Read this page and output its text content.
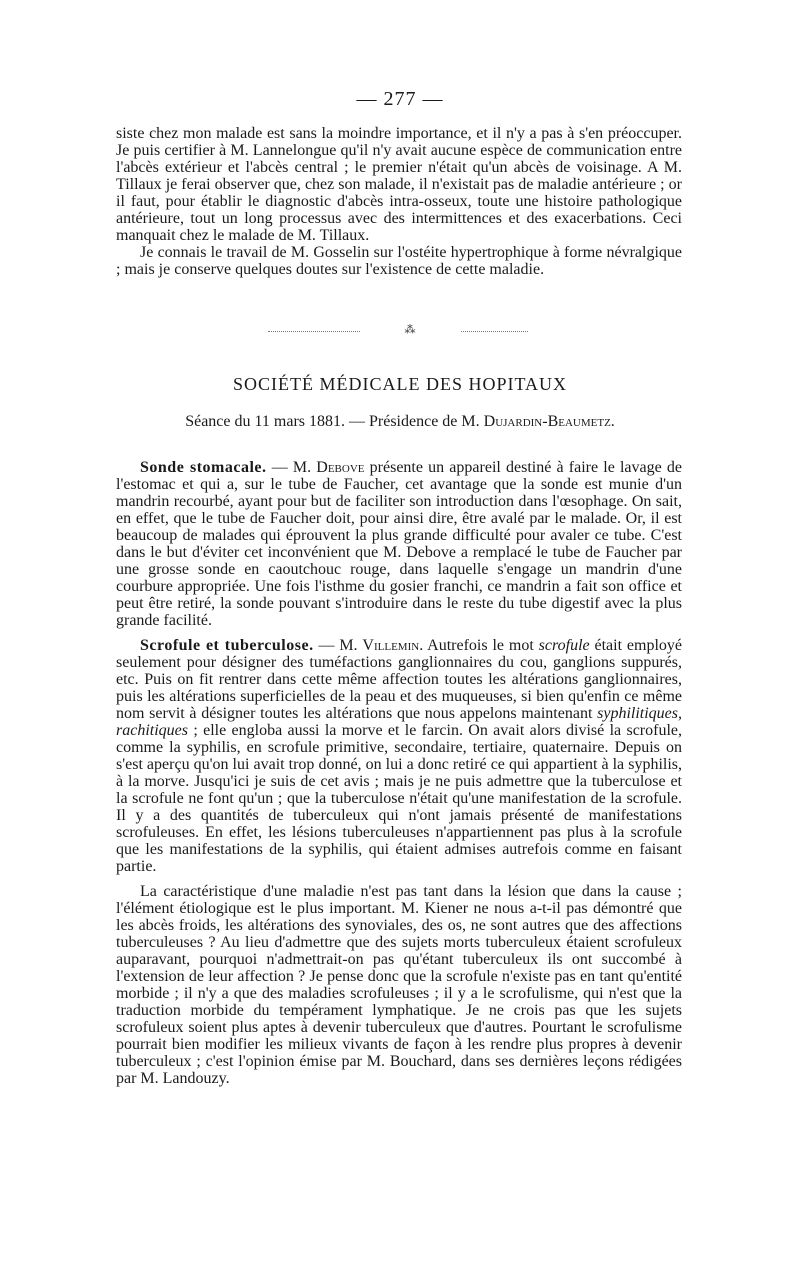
— 277 —

siste chez mon malade est sans la moindre importance, et il n'y a pas à s'en préoccuper. Je puis certifier à M. Lannelongue qu'il n'y avait aucune espèce de communication entre l'abcès extérieur et l'abcès central ; le premier n'était qu'un abcès de voisinage. A M. Tillaux je ferai observer que, chez son malade, il n'existait pas de maladie antérieure ; or il faut, pour établir le diagnostic d'abcès intra-osseux, toute une histoire pathologique antérieure, tout un long processus avec des intermittences et des exacerbations. Ceci manquait chez le malade de M. Tillaux.

Je connais le travail de M. Gosselin sur l'ostéite hypertrophique à forme névralgique ; mais je conserve quelques doutes sur l'existence de cette maladie.

⁂
SOCIÉTÉ MÉDICALE DES HOPITAUX
Séance du 11 mars 1881. — Présidence de M. Dujardin-Beaumetz.

Sonde stomacale. — M. Debove présente un appareil destiné à faire le lavage de l'estomac et qui a, sur le tube de Faucher, cet avantage que la sonde est munie d'un mandrin recourbé, ayant pour but de faciliter son introduction dans l'œsophage. On sait, en effet, que le tube de Faucher doit, pour ainsi dire, être avalé par le malade. Or, il est beaucoup de malades qui éprouvent la plus grande difficulté pour avaler ce tube. C'est dans le but d'éviter cet inconvénient que M. Debove a remplacé le tube de Faucher par une grosse sonde en caoutchouc rouge, dans laquelle s'engage un mandrin d'une courbure appropriée. Une fois l'isthme du gosier franchi, ce mandrin a fait son office et peut être retiré, la sonde pouvant s'introduire dans le reste du tube digestif avec la plus grande facilité.

Scrofule et tuberculose. — M. Villemin. Autrefois le mot scrofule était employé seulement pour désigner des tuméfactions ganglionnaires du cou, ganglions suppurés, etc. Puis on fit rentrer dans cette même affection toutes les altérations ganglionnaires, puis les altérations superficielles de la peau et des muqueuses, si bien qu'enfin ce même nom servit à désigner toutes les altérations que nous appelons maintenant syphilitiques, rachitiques ; elle engloba aussi la morve et le farcin. On avait alors divisé la scrofule, comme la syphilis, en scrofule primitive, secondaire, tertiaire, quaternaire. Depuis on s'est aperçu qu'on lui avait trop donné, on lui a donc retiré ce qui appartient à la syphilis, à la morve. Jusqu'ici je suis de cet avis ; mais je ne puis admettre que la tuberculose et la scrofule ne font qu'un ; que la tuberculose n'était qu'une manifestation de la scrofule. Il y a des quantités de tuberculeux qui n'ont jamais présenté de manifestations scrofuleuses. En effet, les lésions tuberculeuses n'appartiennent pas plus à la scrofule que les manifestations de la syphilis, qui étaient admises autrefois comme en faisant partie.

La caractéristique d'une maladie n'est pas tant dans la lésion que dans la cause ; l'élément étiologique est le plus important. M. Kiener ne nous a-t-il pas démontré que les abcès froids, les altérations des synoviales, des os, ne sont autres que des affections tuberculeuses ? Au lieu d'admettre que des sujets morts tuberculeux étaient scrofuleux auparavant, pourquoi n'admettrait-on pas qu'étant tuberculeux ils ont succombé à l'extension de leur affection ? Je pense donc que la scrofule n'existe pas en tant qu'entité morbide ; il n'y a que des maladies scrofuleuses ; il y a le scrofulisme, qui n'est que la traduction morbide du tempérament lymphatique. Je ne crois pas que les sujets scrofuleux soient plus aptes à devenir tuberculeux que d'autres. Pourtant le scrofulisme pourrait bien modifier les milieux vivants de façon à les rendre plus propres à devenir tuberculeux ; c'est l'opinion émise par M. Bouchard, dans ses dernières leçons rédigées par M. Landouzy.
